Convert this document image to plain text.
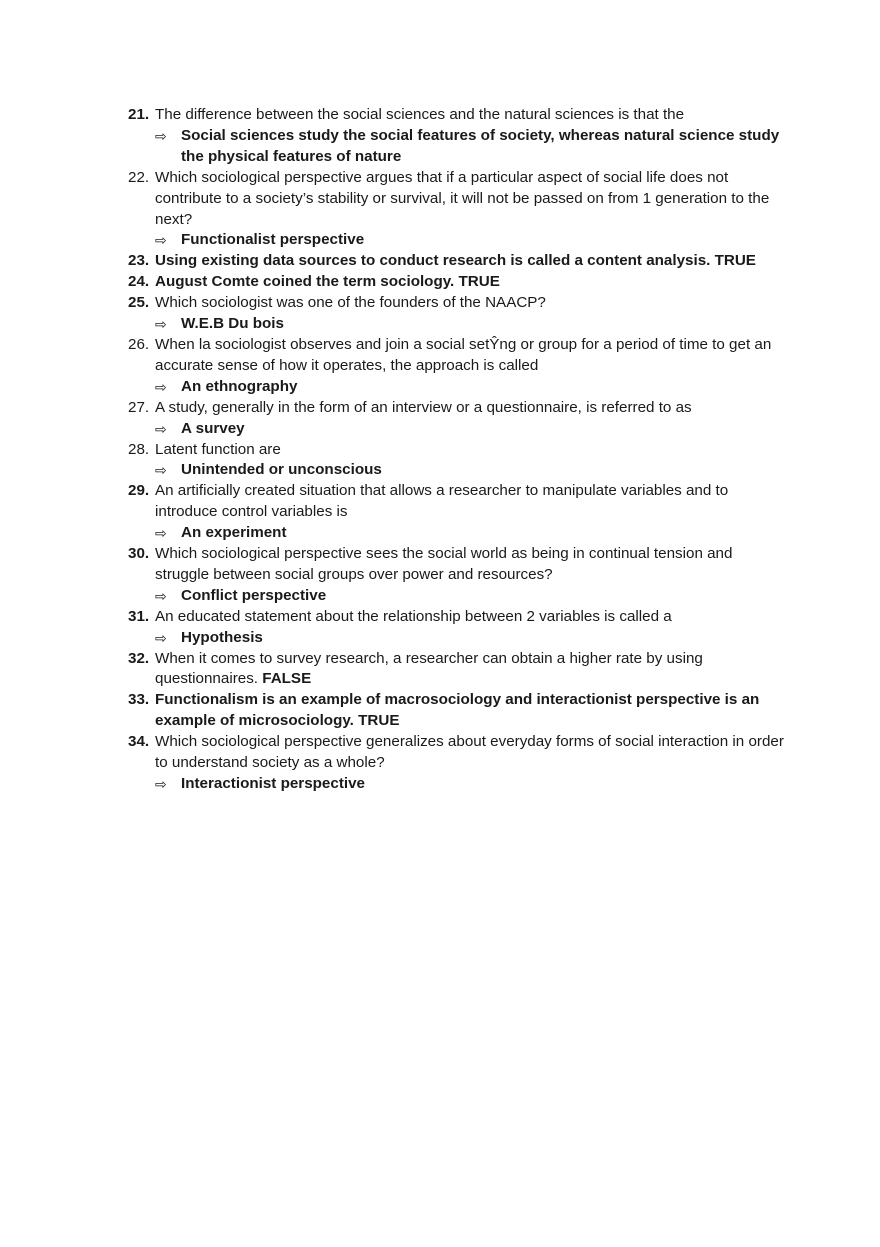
21. The difference between the social sciences and the natural sciences is that the
⇨ Social sciences study the social features of society, whereas natural science study the physical features of nature
22. Which sociological perspective argues that if a particular aspect of social life does not contribute to a society’s stability or survival, it will not be passed on from 1 generation to the next?
⇨ Functionalist perspective
23. Using existing data sources to conduct research is called a content analysis. TRUE
24. August Comte coined the term sociology. TRUE
25. Which sociologist was one of the founders of the NAACP?
⇨ W.E.B Du bois
26. When la sociologist observes and join a social setŶng or group for a period of time to get an accurate sense of how it operates, the approach is called
⇨ An ethnography
27. A study, generally in the form of an interview or a questionnaire, is referred to as
⇨ A survey
28. Latent function are
⇨ Unintended or unconscious
29. An artificially created situation that allows a researcher to manipulate variables and to introduce control variables is
⇨ An experiment
30. Which sociological perspective sees the social world as being in continual tension and struggle between social groups over power and resources?
⇨ Conflict perspective
31. An educated statement about the relationship between 2 variables is called a
⇨ Hypothesis
32. When it comes to survey research, a researcher can obtain a higher rate by using questionnaires. FALSE
33. Functionalism is an example of macrosociology and interactionist perspective is an example of microsociology. TRUE
34. Which sociological perspective generalizes about everyday forms of social interaction in order to understand society as a whole?
⇨ Interactionist perspective
